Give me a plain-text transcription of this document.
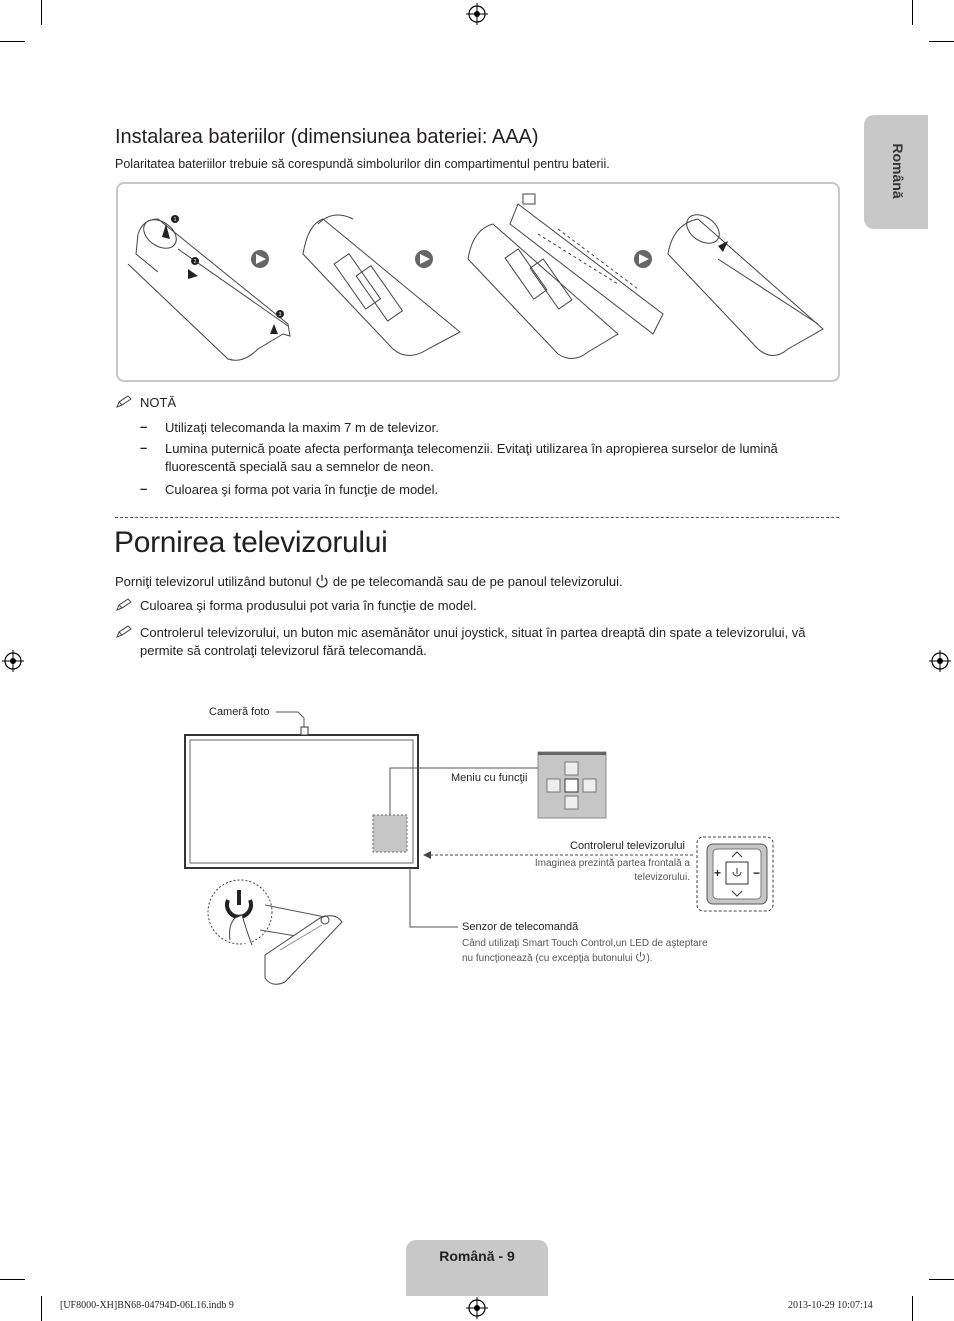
Română
Instalarea bateriilor (dimensiunea bateriei: AAA)
Polaritatea bateriilor trebuie să corespundă simbolurilor din compartimentul pentru baterii.
1
2
3
NOTĂ
– Utilizaţi telecomanda la maxim 7 m de televizor.
– Lumina puternică poate afecta performanţa telecomenzii. Evitaţi utilizarea în apropierea surselor de lumină fluorescentă specială sau a semnelor de neon.
– Culoarea şi forma pot varia în funcţie de model.
Pornirea televizorului
Porniţi televizorul utilizând butonul de pe telecomandă sau de pe panoul televizorului.
Culoarea şi forma produsului pot varia în funcţie de model.
Controlerul televizorului, un buton mic asemănător unui joystick, situat în partea dreaptă din spate a televizorului, vă permite să controlaţi televizorul fără telecomandă.
Cameră foto
Meniu cu funcţii
Controlerul televizorului
Imaginea prezintă partea frontală a
televizorului. +	−
Senzor de telecomandă
Când utilizaţi Smart Touch Control,un LED de aşteptare
nu funcţionează (cu excepţia butonului ).
Română - 9
[UF8000-XH]BN68-04794D-06L16.indb 9	2013-10-29 10:07:14
